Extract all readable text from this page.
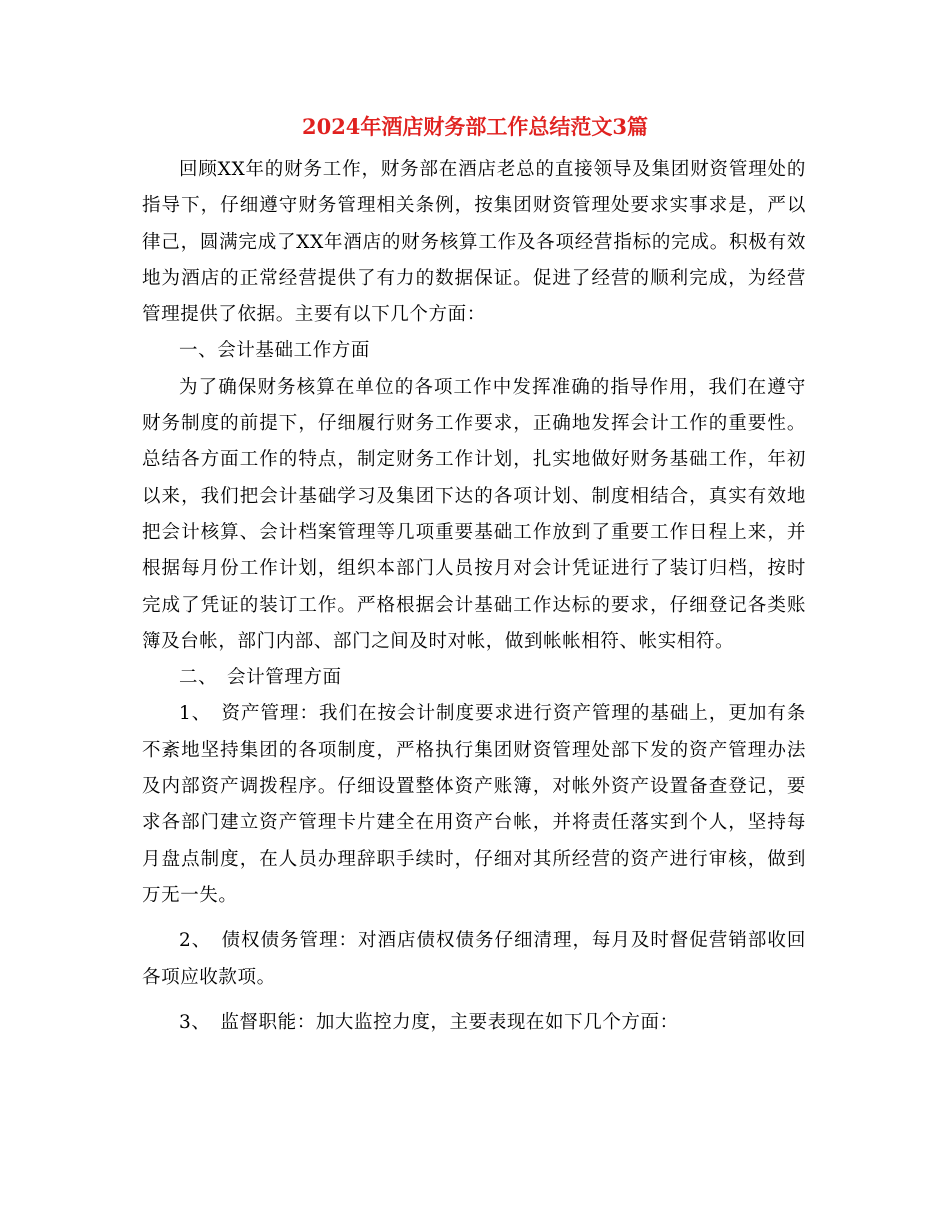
2024年酒店财务部工作总结范文3篇

回顾XX年的财务工作，财务部在酒店老总的直接领导及集团财资管理处的指导下，仔细遵守财务管理相关条例，按集团财资管理处要求实事求是，严以律己，圆满完成了XX年酒店的财务核算工作及各项经营指标的完成。积极有效地为酒店的正常经营提供了有力的数据保证。促进了经营的顺利完成，为经营管理提供了依据。主要有以下几个方面：

一、会计基础工作方面

为了确保财务核算在单位的各项工作中发挥准确的指导作用，我们在遵守财务制度的前提下，仔细履行财务工作要求，正确地发挥会计工作的重要性。总结各方面工作的特点，制定财务工作计划，扎实地做好财务基础工作，年初以来，我们把会计基础学习及集团下达的各项计划、制度相结合，真实有效地把会计核算、会计档案管理等几项重要基础工作放到了重要工作日程上来，并根据每月份工作计划，组织本部门人员按月对会计凭证进行了装订归档，按时完成了凭证的装订工作。严格根据会计基础工作达标的要求，仔细登记各类账簿及台帐，部门内部、部门之间及时对帐，做到帐帐相符、帐实相符。

二、　会计管理方面

1、　资产管理：我们在按会计制度要求进行资产管理的基础上，更加有条不紊地坚持集团的各项制度，严格执行集团财资管理处部下发的资产管理办法及内部资产调拨程序。仔细设置整体资产账簿，对帐外资产设置备查登记，要求各部门建立资产管理卡片建全在用资产台帐，并将责任落实到个人，坚持每月盘点制度，在人员办理辞职手续时，仔细对其所经营的资产进行审核，做到万无一失。

2、　债权债务管理：对酒店债权债务仔细清理，每月及时督促营销部收回各项应收款项。

3、　监督职能：加大监控力度，主要表现在如下几个方面：
